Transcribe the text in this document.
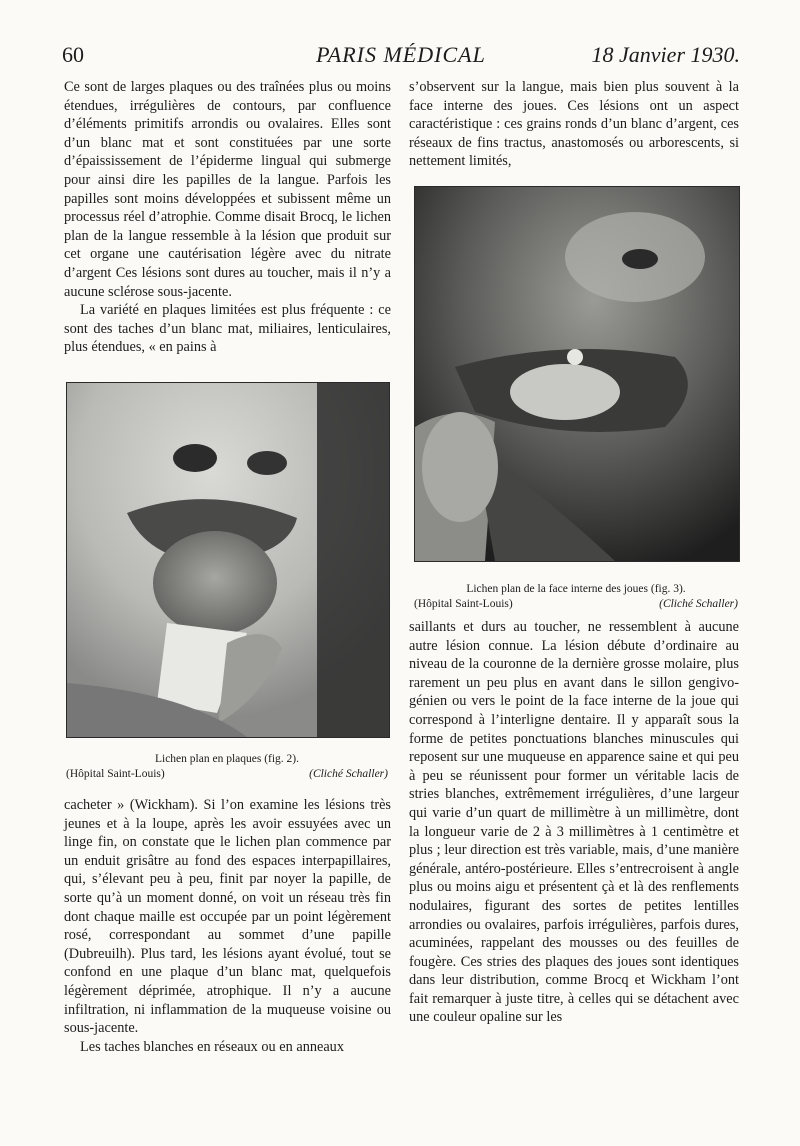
60	PARIS MÉDICAL	18 Janvier 1930.

Ce sont de larges plaques ou des traînées plus ou moins étendues, irrégulières de contours, par confluence d’éléments primitifs arrondis ou ovalaires. Elles sont d’un blanc mat et sont constituées par une sorte d’épaississement de l’épiderme lingual qui submerge pour ainsi dire les papilles de la langue. Parfois les papilles sont moins développées et subissent même un processus réel d’atrophie. Comme disait Brocq, le lichen plan de la langue ressemble à la lésion que produit sur cet organe une cautérisation légère avec du nitrate d’argent Ces lésions sont dures au toucher, mais il n’y a aucune sclérose sous-jacente.

La variété en plaques limitées est plus fréquente : ce sont des taches d’un blanc mat, miliaires, lenticulaires, plus étendues, « en pains à

Lichen plan en plaques (fig. 2).
(Hôpital Saint-Louis)	(Cliché Schaller)

cacheter » (Wickham). Si l’on examine les lésions très jeunes et à la loupe, après les avoir essuyées avec un linge fin, on constate que le lichen plan commence par un enduit grisâtre au fond des espaces interpapillaires, qui, s’élevant peu à peu, finit par noyer la papille, de sorte qu’à un moment donné, on voit un réseau très fin dont chaque maille est occupée par un point légèrement rosé, correspondant au sommet d’une papille (Dubreuilh). Plus tard, les lésions ayant évolué, tout se confond en une plaque d’un blanc mat, quelquefois légèrement déprimée, atrophique. Il n’y a aucune infiltration, ni inflammation de la muqueuse voisine ou sous-jacente.

Les taches blanches en réseaux ou en anneaux

s’observent sur la langue, mais bien plus souvent à la face interne des joues. Ces lésions ont un aspect caractéristique : ces grains ronds d’un blanc d’argent, ces réseaux de fins tractus, anastomosés ou arborescents, si nettement limités,

Lichen plan de la face interne des joues (fig. 3).
(Hôpital Saint-Louis)	(Cliché Schaller)

saillants et durs au toucher, ne ressemblent à aucune autre lésion connue. La lésion débute d’ordinaire au niveau de la couronne de la dernière grosse molaire, plus rarement un peu plus en avant dans le sillon gengivo-génien ou vers le point de la face interne de la joue qui correspond à l’interligne dentaire. Il y apparaît sous la forme de petites ponctuations blanches minuscules qui reposent sur une muqueuse en apparence saine et qui peu à peu se réunissent pour former un véritable lacis de stries blanches, extrêmement irrégulières, d’une largeur qui varie d’un quart de millimètre à un millimètre, dont la longueur varie de 2 à 3 millimètres à 1 centimètre et plus ; leur direction est très variable, mais, d’une manière générale, antéro-postérieure. Elles s’entrecroisent à angle plus ou moins aigu et présentent çà et là des renflements nodulaires, figurant des sortes de petites lentilles arrondies ou ovalaires, parfois irrégulières, parfois dures, acuminées, rappelant des mousses ou des feuilles de fougère. Ces stries des plaques des joues sont identiques dans leur distribution, comme Brocq et Wickham l’ont fait remarquer à juste titre, à celles qui se détachent avec une couleur opaline sur les
